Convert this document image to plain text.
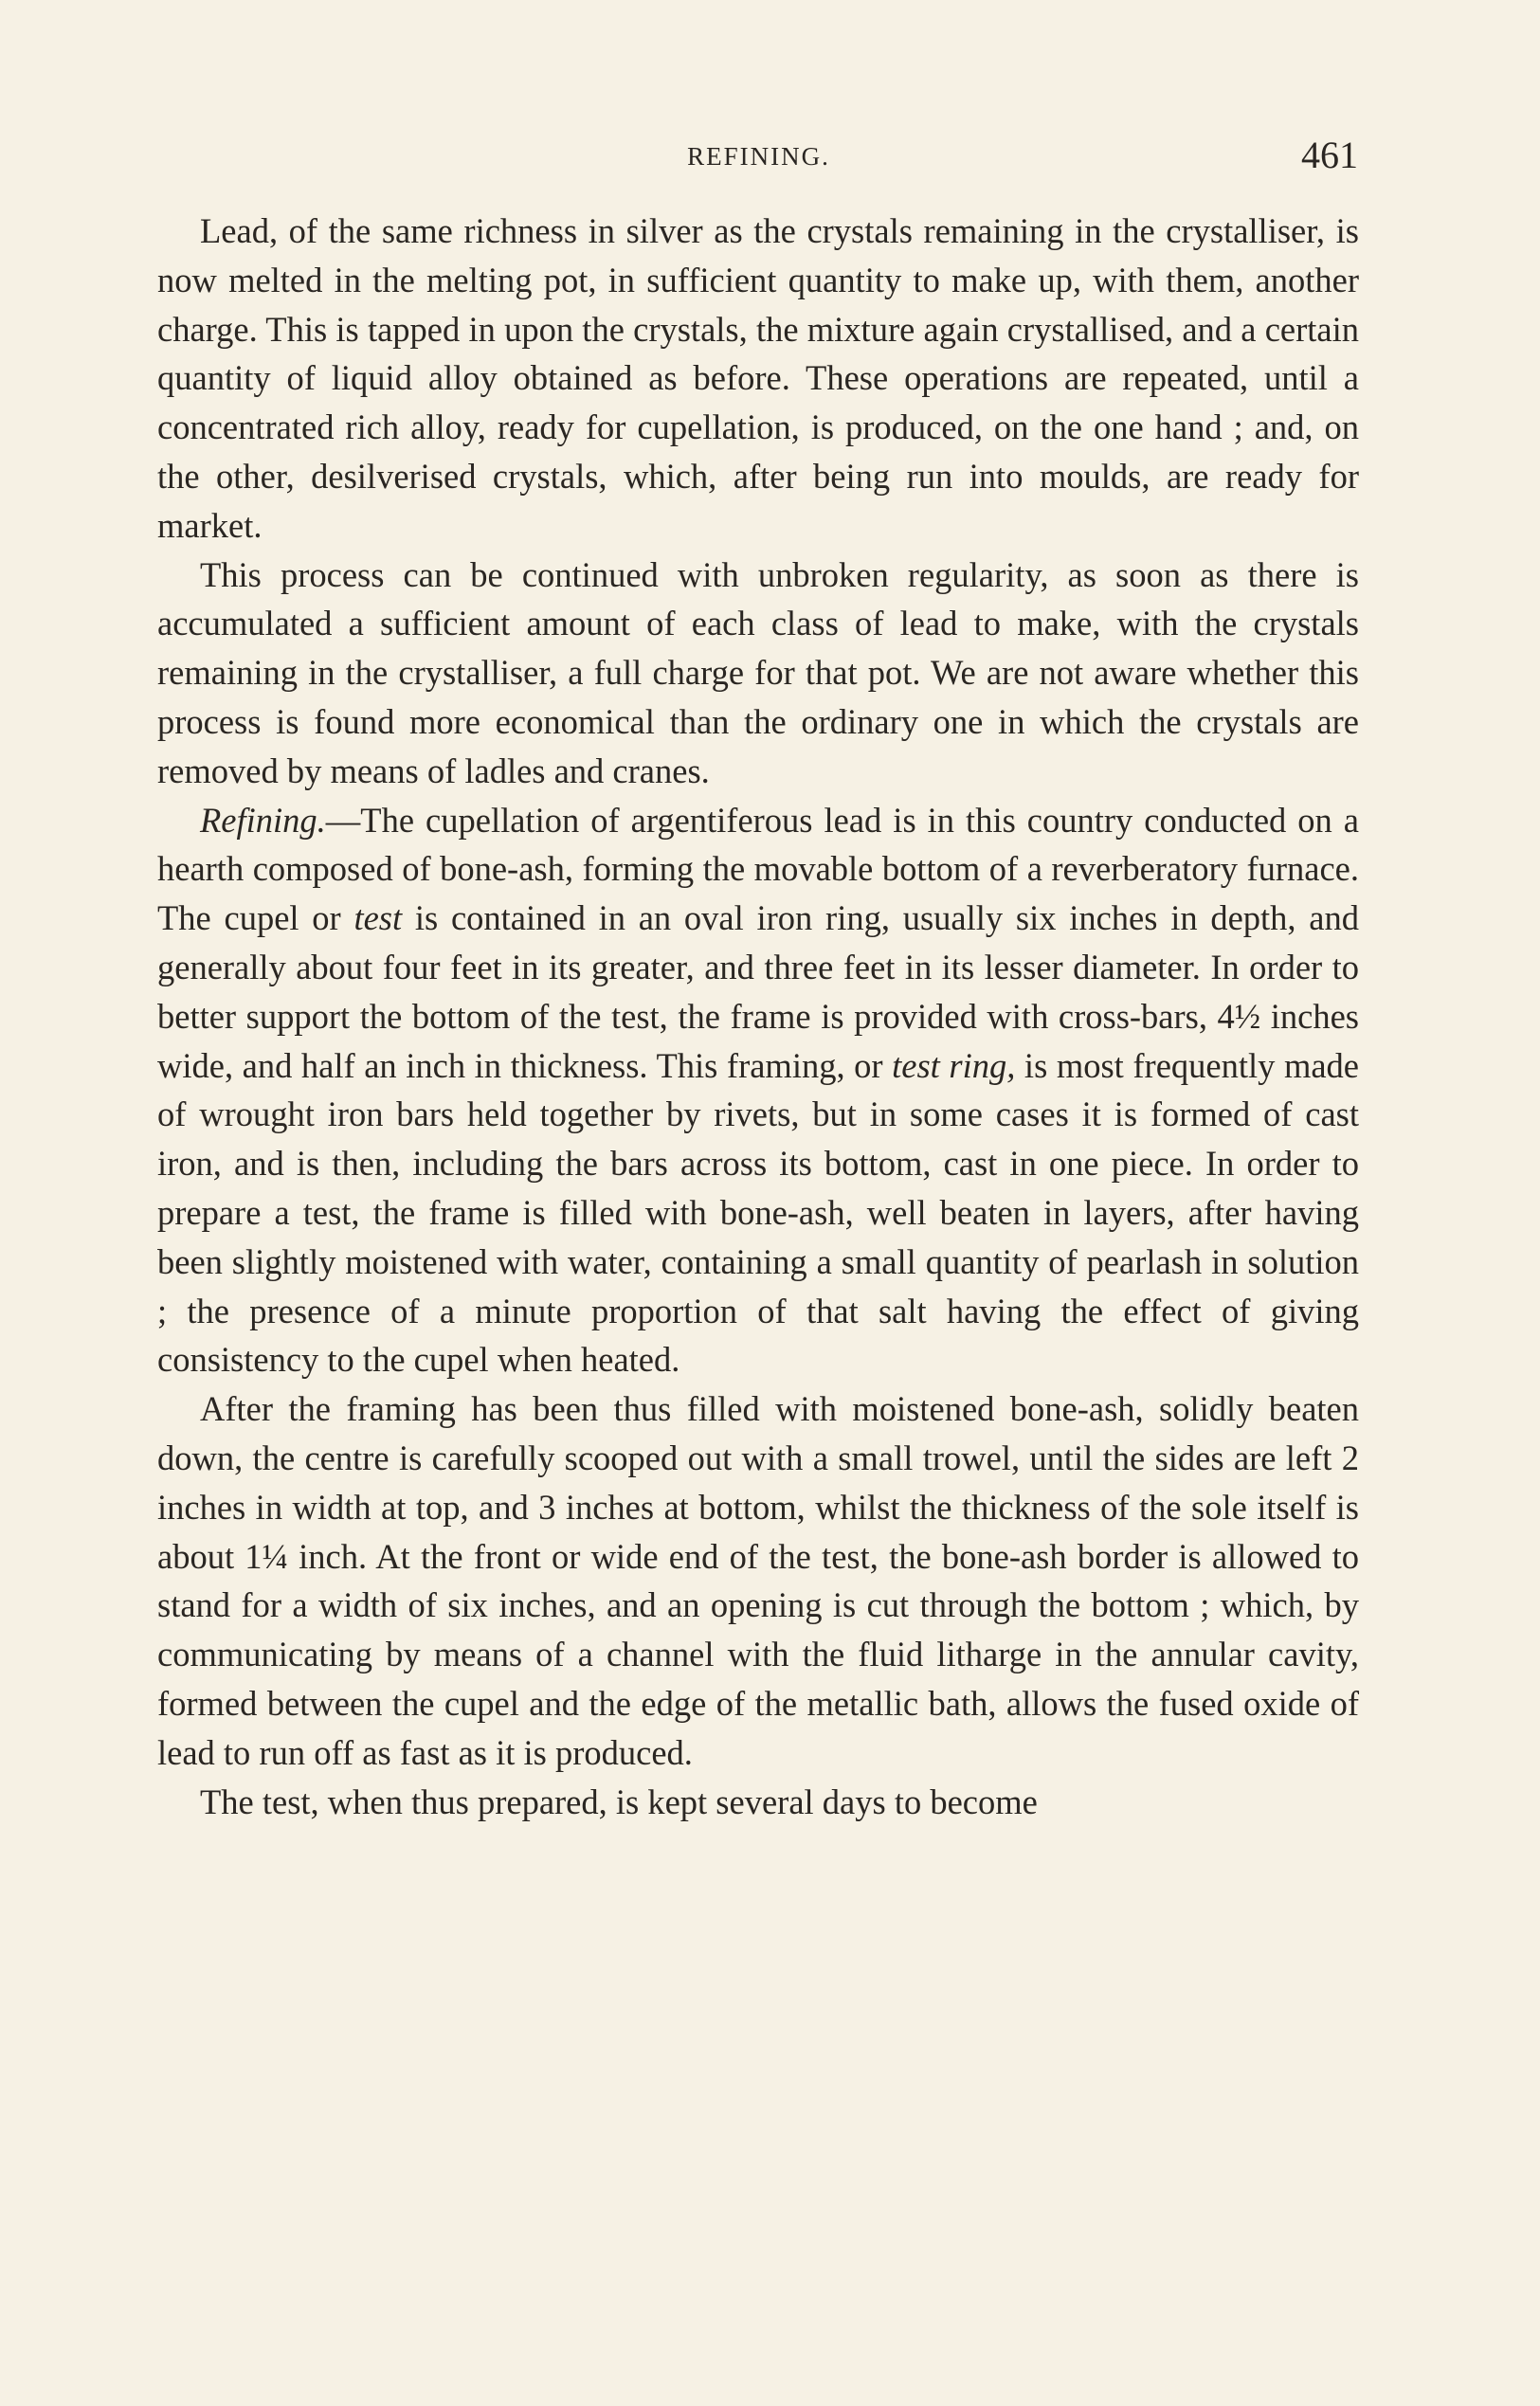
REFINING.	461

Lead, of the same richness in silver as the crystals remaining in the crystalliser, is now melted in the melting pot, in sufficient quantity to make up, with them, another charge. This is tapped in upon the crystals, the mixture again crystallised, and a certain quantity of liquid alloy obtained as before. These operations are repeated, until a concentrated rich alloy, ready for cupellation, is produced, on the one hand ; and, on the other, desilverised crystals, which, after being run into moulds, are ready for market.

This process can be continued with unbroken regularity, as soon as there is accumulated a sufficient amount of each class of lead to make, with the crystals remaining in the crystalliser, a full charge for that pot. We are not aware whether this process is found more economical than the ordinary one in which the crystals are removed by means of ladles and cranes.

Refining.—The cupellation of argentiferous lead is in this country conducted on a hearth composed of bone-ash, forming the movable bottom of a reverberatory furnace. The cupel or test is contained in an oval iron ring, usually six inches in depth, and generally about four feet in its greater, and three feet in its lesser diameter. In order to better support the bottom of the test, the frame is provided with cross-bars, 4½ inches wide, and half an inch in thickness. This framing, or test ring, is most frequently made of wrought iron bars held together by rivets, but in some cases it is formed of cast iron, and is then, including the bars across its bottom, cast in one piece. In order to prepare a test, the frame is filled with bone-ash, well beaten in layers, after having been slightly moistened with water, containing a small quantity of pearlash in solution ; the presence of a minute proportion of that salt having the effect of giving consistency to the cupel when heated.

After the framing has been thus filled with moistened bone-ash, solidly beaten down, the centre is carefully scooped out with a small trowel, until the sides are left 2 inches in width at top, and 3 inches at bottom, whilst the thickness of the sole itself is about 1¼ inch. At the front or wide end of the test, the bone-ash border is allowed to stand for a width of six inches, and an opening is cut through the bottom ; which, by communicating by means of a channel with the fluid litharge in the annular cavity, formed between the cupel and the edge of the metallic bath, allows the fused oxide of lead to run off as fast as it is produced.

The test, when thus prepared, is kept several days to become
